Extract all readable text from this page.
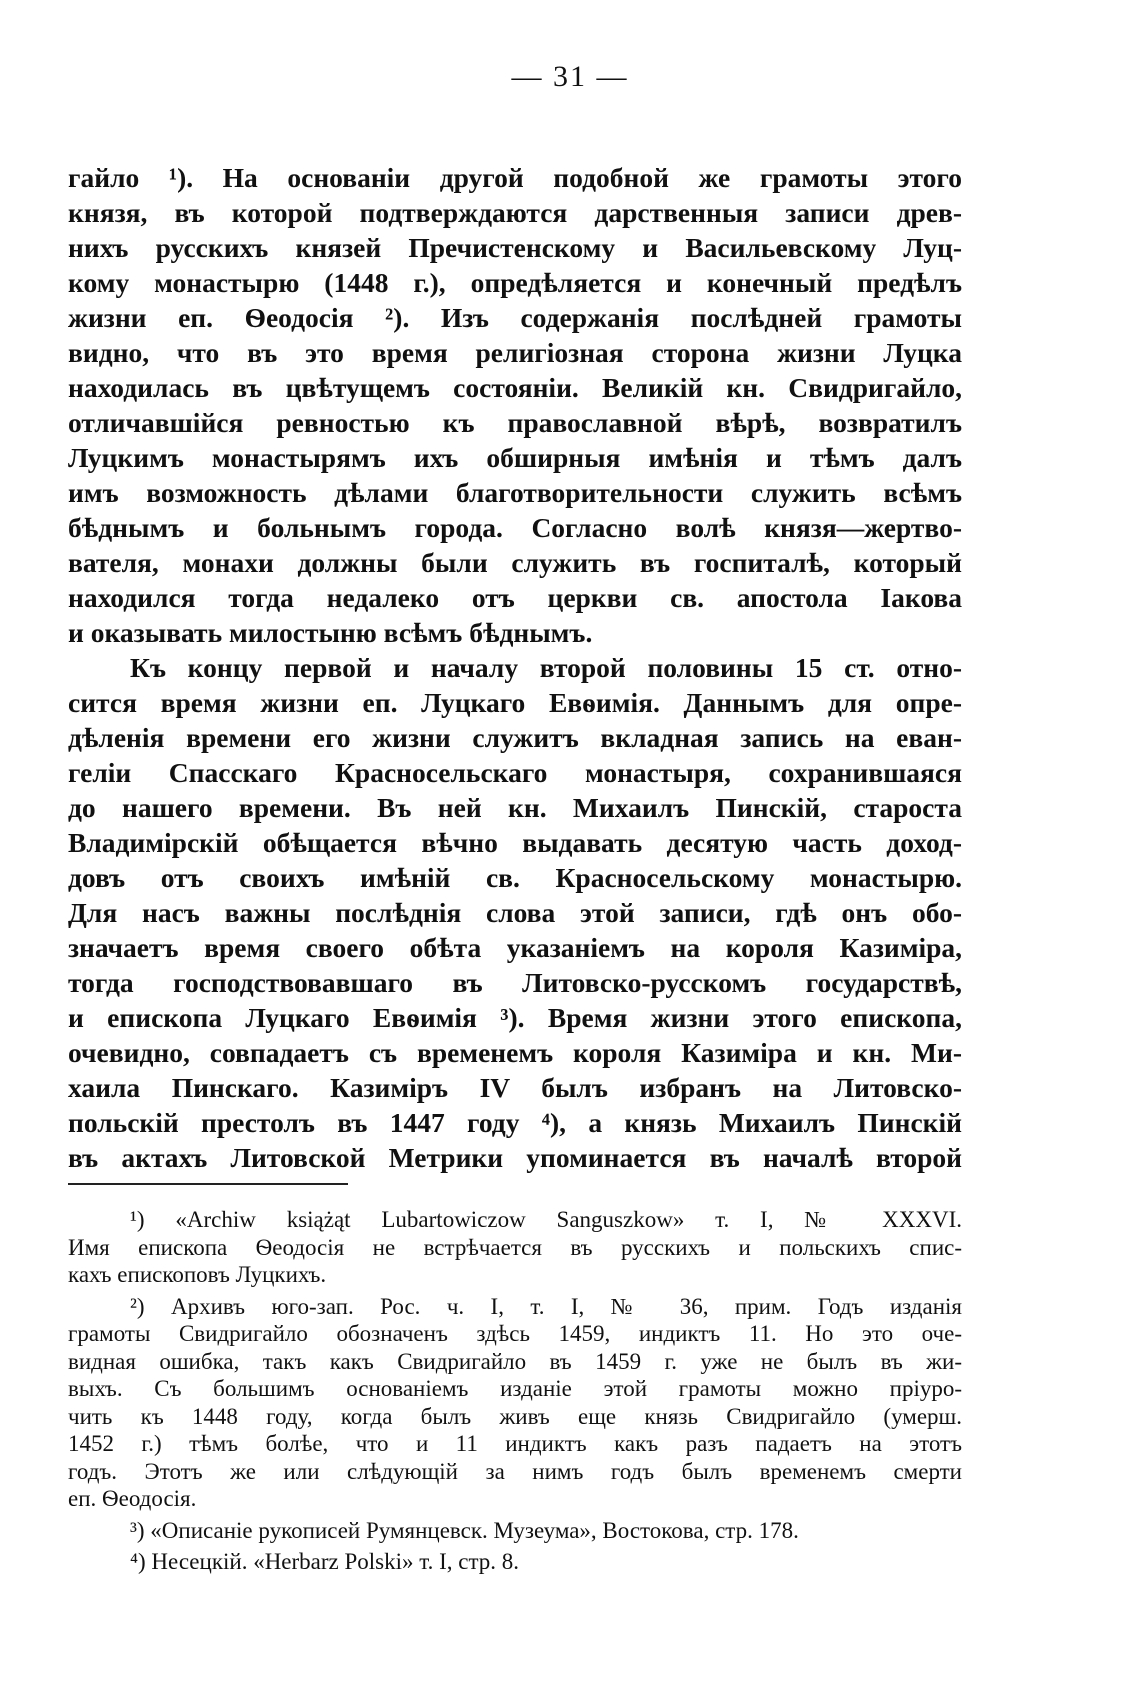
— 31 —
гайло ¹). На основаніи другой подобной же грамоты этого
князя, въ которой подтверждаются дарственныя записи древ-
нихъ русскихъ князей Пречистенскому и Васильевскому Луц-
кому монастырю (1448 г.), опредѣляется и конечный предѣлъ
жизни еп. Ѳеодосія ²). Изъ содержанія послѣдней грамоты
видно, что въ это время религіозная сторона жизни Луцка
находилась въ цвѣтущемъ состояніи. Великій кн. Свидригайло,
отличавшійся ревностью къ православной вѣрѣ, возвратилъ
Луцкимъ монастырямъ ихъ обширныя имѣнія и тѣмъ далъ
имъ возможность дѣлами благотворительности служить всѣмъ
бѣднымъ и больнымъ города. Согласно волѣ князя—жертво-
вателя, монахи должны были служить въ госпиталѣ, который
находился тогда недалеко отъ церкви св. апостола Іакова
и оказывать милостыню всѣмъ бѣднымъ.
Къ концу первой и началу второй половины 15 ст. отно-
сится время жизни еп. Луцкаго Евѳимія. Даннымъ для опре-
дѣленія времени его жизни служитъ вкладная запись на еван-
геліи Спасскаго Красносельскаго монастыря, сохранившаяся
до нашего времени. Въ ней кн. Михаилъ Пинскій, староста
Владимірскій обѣщается вѣчно выдавать десятую часть доход-
довъ отъ своихъ имѣній св. Красносельскому монастырю.
Для насъ важны послѣднія слова этой записи, гдѣ онъ обо-
значаетъ время своего обѣта указаніемъ на короля Казиміра,
тогда господствовавшаго въ Литовско-русскомъ государствѣ,
и епископа Луцкаго Евѳимія ³). Время жизни этого епископа,
очевидно, совпадаетъ съ временемъ короля Казиміра и кн. Ми-
хаила Пинскаго. Казиміръ IV былъ избранъ на Литовско-
польскій престолъ въ 1447 году ⁴), а князь Михаилъ Пинскій
въ актахъ Литовской Метрики упоминается въ началѣ второй
¹) «Archiw książąt Lubartowiczow Sanguszkow» т. I, № XXXVI.
Имя епископа Ѳеодосія не встрѣчается въ русскихъ и польскихъ спис-
кахъ епископовъ Луцкихъ.
²) Архивъ юго-зап. Рос. ч. I, т. I, № 36, прим. Годъ изданія
грамоты Свидригайло обозначенъ здѣсь 1459, индиктъ 11. Но это оче-
видная ошибка, такъ какъ Свидригайло въ 1459 г. уже не былъ въ жи-
выхъ. Съ большимъ основаніемъ изданіе этой грамоты можно пріуро-
чить къ 1448 году, когда былъ живъ еще князь Свидригайло (умерш.
1452 г.) тѣмъ болѣе, что и 11 индиктъ какъ разъ падаетъ на этотъ
годъ. Этотъ же или слѣдующій за нимъ годъ былъ временемъ смерти
еп. Ѳеодосія.
³) «Описаніе рукописей Румянцевск. Музеума», Востокова, стр. 178.
⁴) Несецкій. «Herbarz Polski» т. I, стр. 8.
